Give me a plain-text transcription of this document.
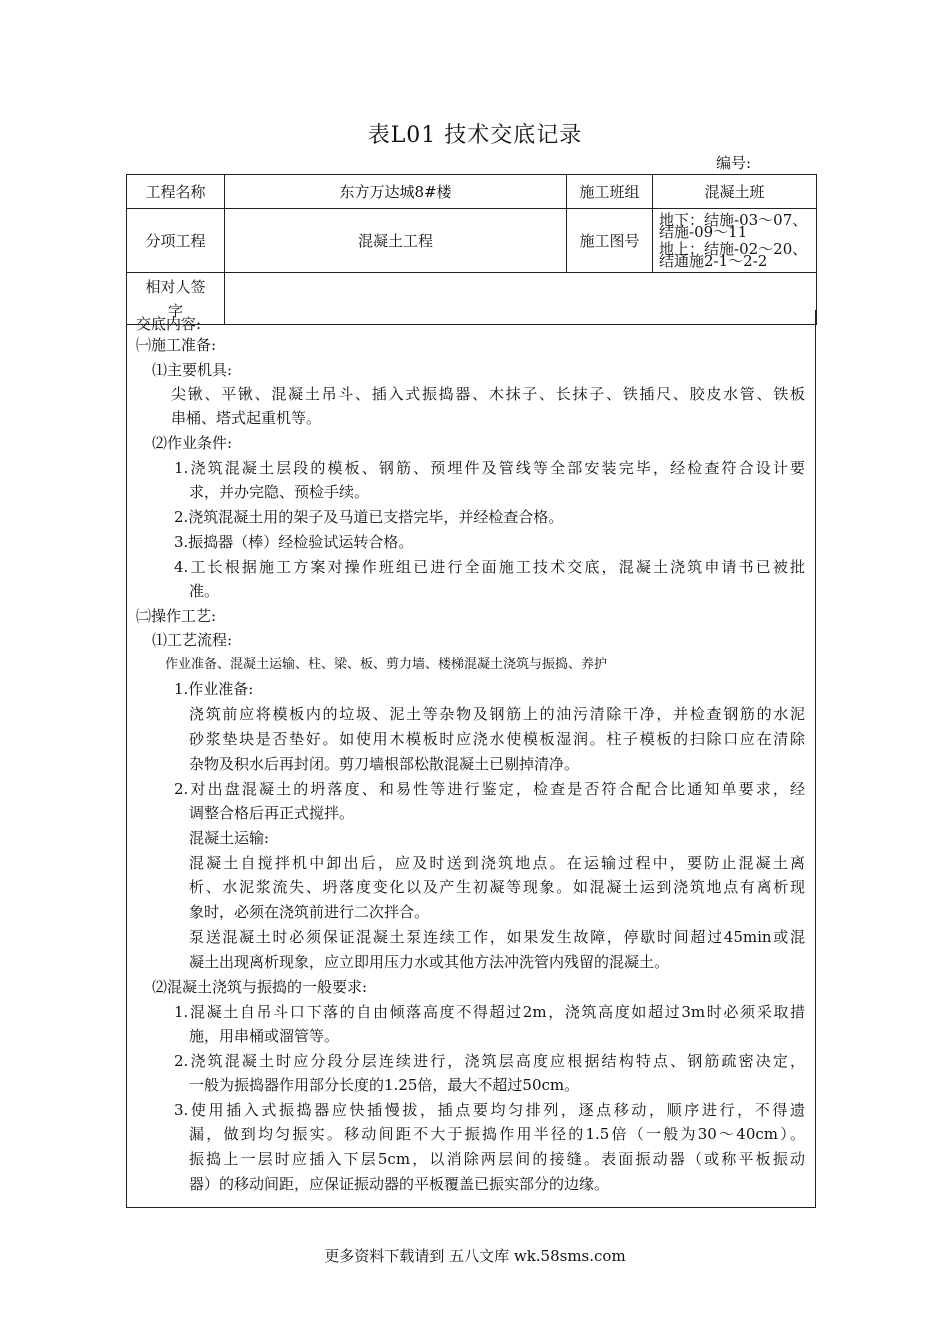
表L01 技术交底记录
编号:
工程名称	东方万达城8#楼	施工班组	混凝土班
分项工程	混凝土工程	施工图号	地下：结施-03～07、结施-09～11
地上：结施-02～20、结通施2-1～2-2

相对人签
字			

交底内容:
㈠施工准备:
⑴主要机具:
尖锹、平锹、混凝土吊斗、插入式振捣器、木抹子、长抹子、铁插尺、胶皮水管、铁板
串桶、塔式起重机等。
⑵作业条件:
1.浇筑混凝土层段的模板、钢筋、预埋件及管线等全部安装完毕，经检查符合设计要
求，并办完隐、预检手续。
2.浇筑混凝土用的架子及马道已支搭完毕，并经检查合格。
3.振捣器（棒）经检验试运转合格。
4.工长根据施工方案对操作班组已进行全面施工技术交底，混凝土浇筑申请书已被批
准。
㈡操作工艺:
⑴工艺流程:
作业准备、混凝土运输、柱、梁、板、剪力墙、楼梯混凝土浇筑与振捣、养护
1.作业准备:
浇筑前应将模板内的垃圾、泥土等杂物及钢筋上的油污清除干净，并检查钢筋的水泥
砂浆垫块是否垫好。如使用木模板时应浇水使模板湿润。柱子模板的扫除口应在清除
杂物及积水后再封闭。剪刀墙根部松散混凝土已剔掉清净。
2.对出盘混凝土的坍落度、和易性等进行鉴定，检查是否符合配合比通知单要求，经
调整合格后再正式搅拌。
混凝土运输:
混凝土自搅拌机中卸出后，应及时送到浇筑地点。在运输过程中，要防止混凝土离
析、水泥浆流失、坍落度变化以及产生初凝等现象。如混凝土运到浇筑地点有离析现
象时，必须在浇筑前进行二次拌合。
泵送混凝土时必须保证混凝土泵连续工作，如果发生故障，停歇时间超过45min或混
凝土出现离析现象，应立即用压力水或其他方法冲洗管内残留的混凝土。
⑵混凝土浇筑与振捣的一般要求:
1.混凝土自吊斗口下落的自由倾落高度不得超过2m，浇筑高度如超过3m时必须采取措
施，用串桶或溜管等。
2.浇筑混凝土时应分段分层连续进行，浇筑层高度应根据结构特点、钢筋疏密决定，
一般为振捣器作用部分长度的1.25倍，最大不超过50cm。
3.使用插入式振捣器应快插慢拔，插点要均匀排列，逐点移动，顺序进行，不得遗
漏，做到均匀振实。移动间距不大于振捣作用半径的1.5倍（一般为30～40cm）。
振捣上一层时应插入下层5cm，以消除两层间的接缝。表面振动器（或称平板振动
器）的移动间距，应保证振动器的平板覆盖已振实部分的边缘。
更多资料下载请到 五八文库 wk.58sms.com
